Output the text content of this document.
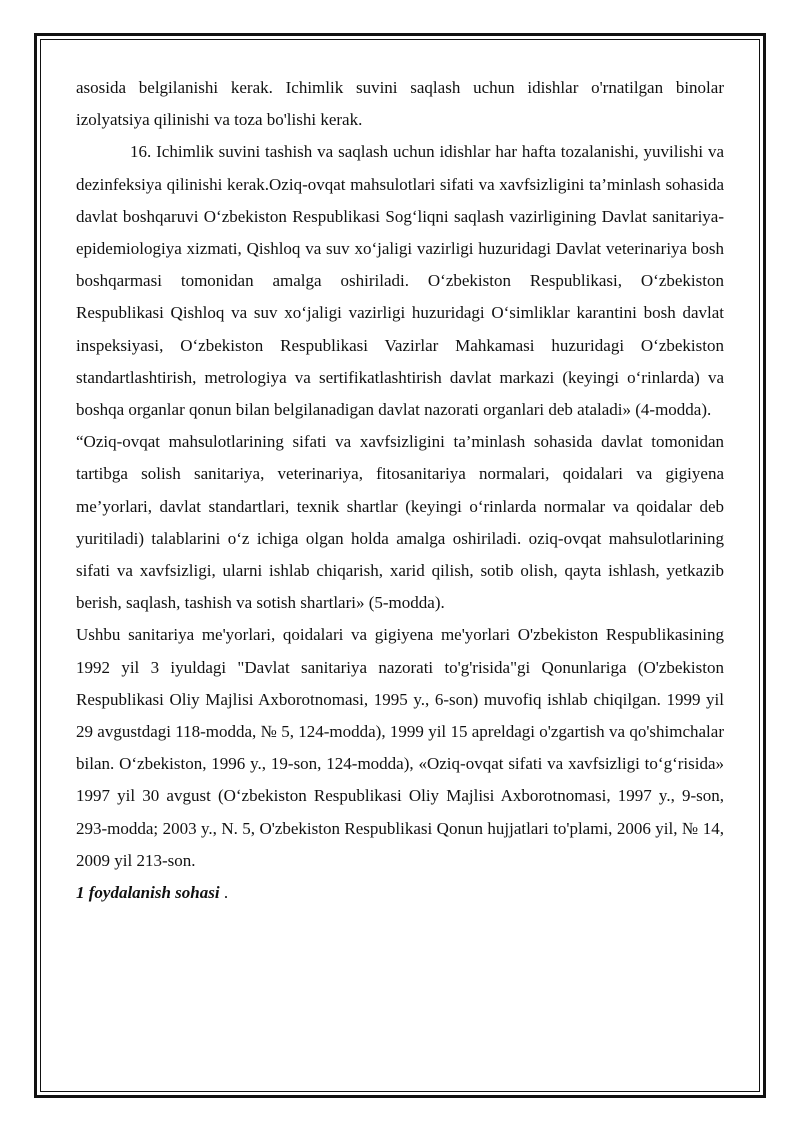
asosida belgilanishi kerak. Ichimlik suvini saqlash uchun idishlar o'rnatilgan binolar izolyatsiya qilinishi va toza bo'lishi kerak.

16. Ichimlik suvini tashish va saqlash uchun idishlar har hafta tozalanishi, yuvilishi va dezinfeksiya qilinishi kerak.Oziq-ovqat mahsulotlari sifati va xavfsizligini ta’minlash sohasida davlat boshqaruvi O‘zbekiston Respublikasi Sog‘liqni saqlash vazirligining Davlat sanitariya-epidemiologiya xizmati, Qishloq va suv xo‘jaligi vazirligi huzuridagi Davlat veterinariya bosh boshqarmasi tomonidan amalga oshiriladi. O‘zbekiston Respublikasi, O‘zbekiston Respublikasi Qishloq va suv xo‘jaligi vazirligi huzuridagi O‘simliklar karantini bosh davlat inspeksiyasi, O‘zbekiston Respublikasi Vazirlar Mahkamasi huzuridagi O‘zbekiston standartlashtirish, metrologiya va sertifikatlashtirish davlat markazi (keyingi o‘rinlarda) va boshqa organlar qonun bilan belgilanadigan davlat nazorati organlari deb ataladi» (4-modda).

“Oziq-ovqat mahsulotlarining sifati va xavfsizligini ta’minlash sohasida davlat tomonidan tartibga solish sanitariya, veterinariya, fitosanitariya normalari, qoidalari va gigiyena me’yorlari, davlat standartlari, texnik shartlar (keyingi o‘rinlarda normalar va qoidalar deb yuritiladi) talablarini o‘z ichiga olgan holda amalga oshiriladi. oziq-ovqat mahsulotlarining sifati va xavfsizligi, ularni ishlab chiqarish, xarid qilish, sotib olish, qayta ishlash, yetkazib berish, saqlash, tashish va sotish shartlari» (5-modda).

Ushbu sanitariya me'yorlari, qoidalari va gigiyena me'yorlari O'zbekiston Respublikasining 1992 yil 3 iyuldagi "Davlat sanitariya nazorati to'g'risida"gi Qonunlariga (O'zbekiston Respublikasi Oliy Majlisi Axborotnomasi, 1995 y., 6-son) muvofiq ishlab chiqilgan. 1999 yil 29 avgustdagi 118-modda, № 5, 124-modda), 1999 yil 15 apreldagi o'zgartish va qo'shimchalar bilan. O‘zbekiston, 1996 y., 19-son, 124-modda), «Oziq-ovqat sifati va xavfsizligi to‘g‘risida» 1997 yil 30 avgust (O‘zbekiston Respublikasi Oliy Majlisi Axborotnomasi, 1997 y., 9-son, 293-modda; 2003 y., N. 5, O'zbekiston Respublikasi Qonun hujjatlari to'plami, 2006 yil, № 14, 2009 yil 213-son.

1 foydalanish sohasi .
